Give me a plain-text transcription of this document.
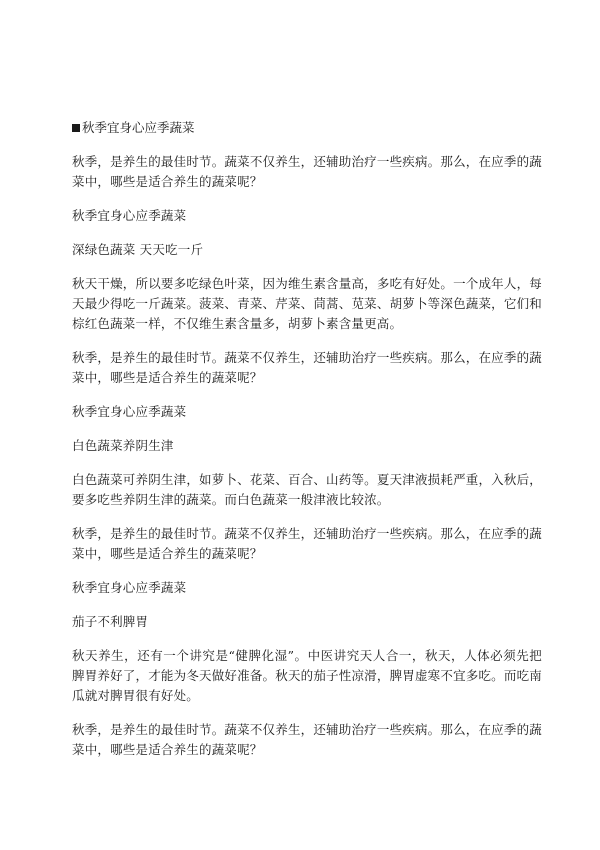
秋季宜身心应季蔬菜

秋季，是养生的最佳时节。蔬菜不仅养生，还辅助治疗一些疾病。那么，在应季的蔬菜中，哪些是适合养生的蔬菜呢？

秋季宜身心应季蔬菜

深绿色蔬菜 天天吃一斤

秋天干燥，所以要多吃绿色叶菜，因为维生素含量高，多吃有好处。一个成年人，每天最少得吃一斤蔬菜。菠菜、青菜、芹菜、茼蒿、苋菜、胡萝卜等深色蔬菜，它们和棕红色蔬菜一样，不仅维生素含量多，胡萝卜素含量更高。

秋季，是养生的最佳时节。蔬菜不仅养生，还辅助治疗一些疾病。那么，在应季的蔬菜中，哪些是适合养生的蔬菜呢？

秋季宜身心应季蔬菜

白色蔬菜养阴生津

白色蔬菜可养阴生津，如萝卜、花菜、百合、山药等。夏天津液损耗严重，入秋后，要多吃些养阴生津的蔬菜。而白色蔬菜一般津液比较浓。

秋季，是养生的最佳时节。蔬菜不仅养生，还辅助治疗一些疾病。那么，在应季的蔬菜中，哪些是适合养生的蔬菜呢？

秋季宜身心应季蔬菜

茄子不利脾胃

秋天养生，还有一个讲究是“健脾化湿”。中医讲究天人合一，秋天，人体必须先把脾胃养好了，才能为冬天做好准备。秋天的茄子性凉滑，脾胃虚寒不宜多吃。而吃南瓜就对脾胃很有好处。

秋季，是养生的最佳时节。蔬菜不仅养生，还辅助治疗一些疾病。那么，在应季的蔬菜中，哪些是适合养生的蔬菜呢？
